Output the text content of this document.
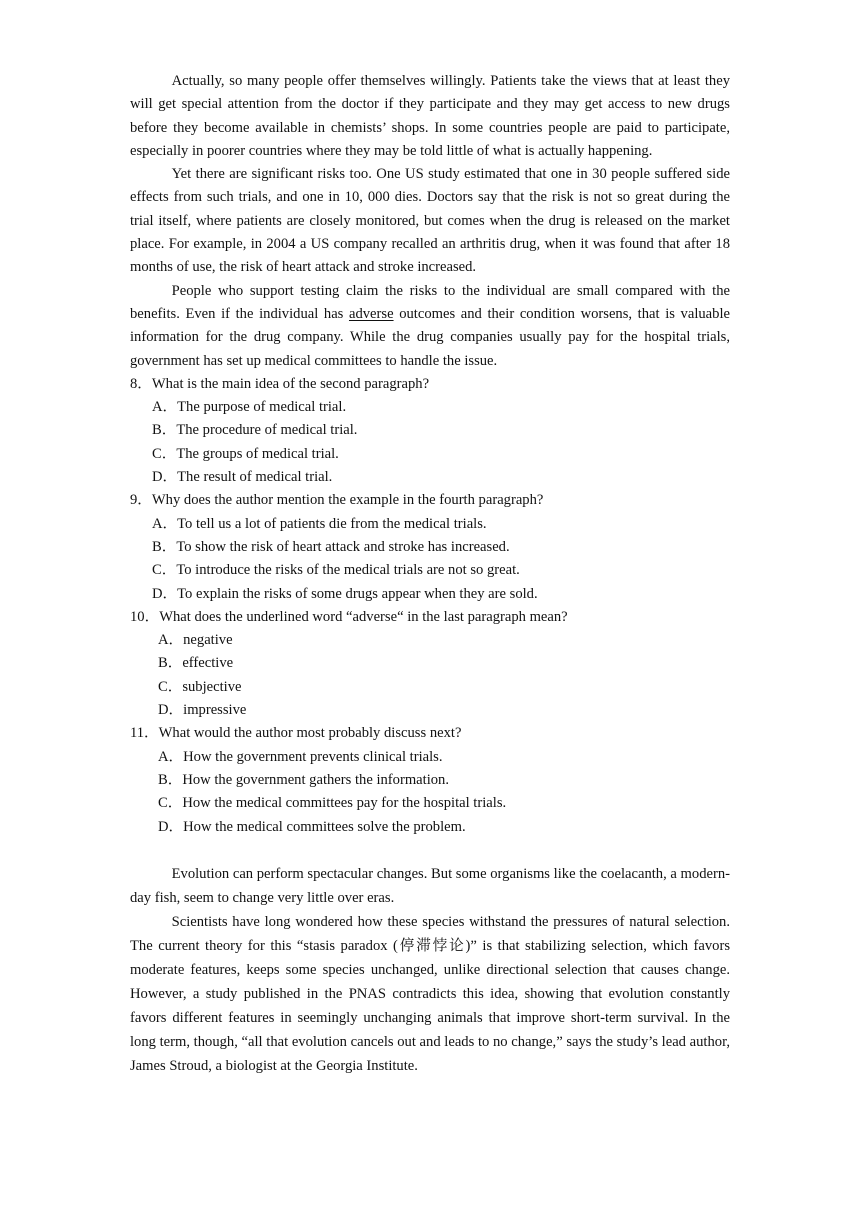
Actually, so many people offer themselves willingly. Patients take the views that at least they will get special attention from the doctor if they participate and they may get access to new drugs before they become available in chemists’ shops. In some countries people are paid to participate, especially in poorer countries where they may be told little of what is actually happening.

Yet there are significant risks too. One US study estimated that one in 30 people suffered side effects from such trials, and one in 10, 000 dies. Doctors say that the risk is not so great during the trial itself, where patients are closely monitored, but comes when the drug is released on the market place. For example, in 2004 a US company recalled an arthritis drug, when it was found that after 18 months of use, the risk of heart attack and stroke increased.

People who support testing claim the risks to the individual are small compared with the benefits. Even if the individual has adverse outcomes and their condition worsens, that is valuable information for the drug company. While the drug companies usually pay for the hospital trials, government has set up medical committees to handle the issue.

8．What is the main idea of the second paragraph?
A．The purpose of medical trial.
B．The procedure of medical trial.
C．The groups of medical trial.
D．The result of medical trial.
9．Why does the author mention the example in the fourth paragraph?
A．To tell us a lot of patients die from the medical trials.
B．To show the risk of heart attack and stroke has increased.
C．To introduce the risks of the medical trials are not so great.
D．To explain the risks of some drugs appear when they are sold.
10．What does the underlined word “adverse“ in the last paragraph mean?
A．negative
B．effective
C．subjective
D．impressive
11．What would the author most probably discuss next?
A．How the government prevents clinical trials.
B．How the government gathers the information.
C．How the medical committees pay for the hospital trials.
D．How the medical committees solve the problem.

Evolution can perform spectacular changes. But some organisms like the coelacanth, a modern-day fish, seem to change very little over eras.

Scientists have long wondered how these species withstand the pressures of natural selection. The current theory for this “stasis paradox (停滞悖论)” is that stabilizing selection, which favors moderate features, keeps some species unchanged, unlike directional selection that causes change. However, a study published in the PNAS contradicts this idea, showing that evolution constantly favors different features in seemingly unchanging animals that improve short-term survival. In the long term, though, “all that evolution cancels out and leads to no change,” says the study’s lead author, James Stroud, a biologist at the Georgia Institute.
